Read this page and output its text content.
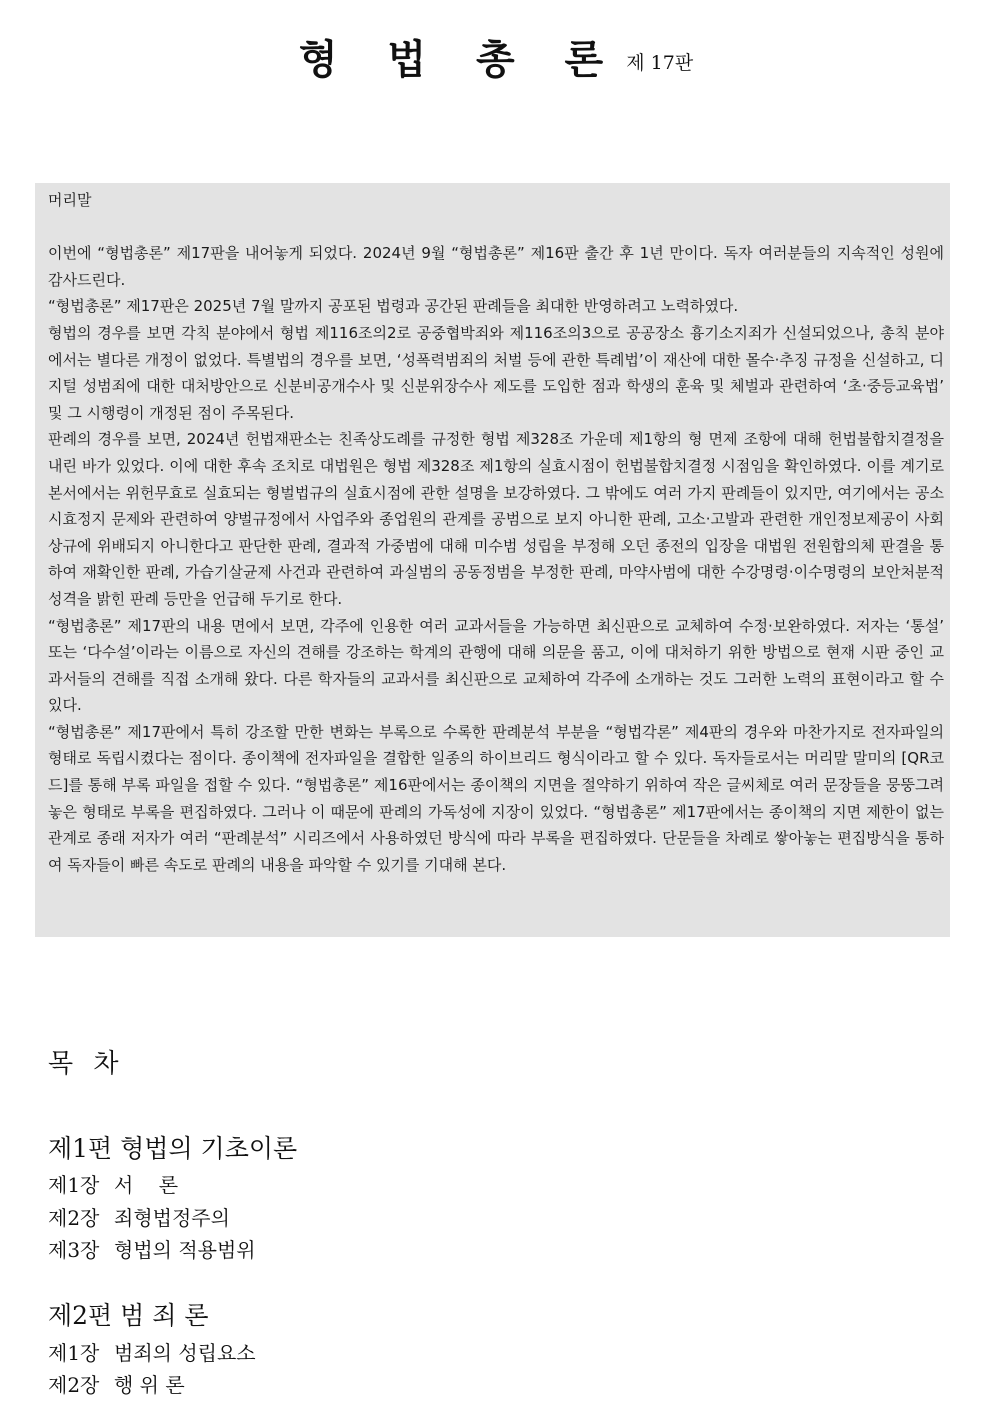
형 법 총 론 제 17판
머리말

이번에 “형법총론” 제17판을 내어놓게 되었다. 2024년 9월 “형법총론” 제16판 출간 후 1년 만이다. 독자 여러분들의 지속적인 성원에 감사드린다.

“형법총론” 제17판은 2025년 7월 말까지 공포된 법령과 공간된 판례들을 최대한 반영하려고 노력하였다.

형법의 경우를 보면 각칙 분야에서 형법 제116조의2로 공중협박죄와 제116조의3으로 공공장소 흉기소지죄가 신설되었으나, 총칙 분야에서는 별다른 개정이 없었다. 특별법의 경우를 보면, ‘성폭력범죄의 처벌 등에 관한 특례법’이 재산에 대한 몰수·추징 규정을 신설하고, 디지털 성범죄에 대한 대처방안으로 신분비공개수사 및 신분위장수사 제도를 도입한 점과 학생의 훈육 및 체벌과 관련하여 ‘초·중등교육법’ 및 그 시행령이 개정된 점이 주목된다.

판례의 경우를 보면, 2024년 헌법재판소는 친족상도례를 규정한 형법 제328조 가운데 제1항의 형 면제 조항에 대해 헌법불합치결정을 내린 바가 있었다. 이에 대한 후속 조치로 대법원은 형법 제328조 제1항의 실효시점이 헌법불합치결정 시점임을 확인하였다. 이를 계기로 본서에서는 위헌무효로 실효되는 형벌법규의 실효시점에 관한 설명을 보강하였다. 그 밖에도 여러 가지 판례들이 있지만, 여기에서는 공소시효정지 문제와 관련하여 양벌규정에서 사업주와 종업원의 관계를 공범으로 보지 아니한 판례, 고소·고발과 관련한 개인정보제공이 사회상규에 위배되지 아니한다고 판단한 판례, 결과적 가중범에 대해 미수범 성립을 부정해 오던 종전의 입장을 대법원 전원합의체 판결을 통하여 재확인한 판례, 가습기살균제 사건과 관련하여 과실범의 공동정범을 부정한 판례, 마약사범에 대한 수강명령·이수명령의 보안처분적 성격을 밝힌 판례 등만을 언급해 두기로 한다.

“형법총론” 제17판의 내용 면에서 보면, 각주에 인용한 여러 교과서들을 가능하면 최신판으로 교체하여 수정·보완하였다. 저자는 ‘통설’ 또는 ‘다수설’이라는 이름으로 자신의 견해를 강조하는 학계의 관행에 대해 의문을 품고, 이에 대처하기 위한 방법으로 현재 시판 중인 교과서들의 견해를 직접 소개해 왔다. 다른 학자들의 교과서를 최신판으로 교체하여 각주에 소개하는 것도 그러한 노력의 표현이라고 할 수 있다.

“형법총론” 제17판에서 특히 강조할 만한 변화는 부록으로 수록한 판례분석 부분을 “형법각론” 제4판의 경우와 마찬가지로 전자파일의 형태로 독립시켰다는 점이다. 종이책에 전자파일을 결합한 일종의 하이브리드 형식이라고 할 수 있다. 독자들로서는 머리말 말미의 [QR코드]를 통해 부록 파일을 접할 수 있다. “형법총론” 제16판에서는 종이책의 지면을 절약하기 위하여 작은 글씨체로 여러 문장들을 뭉뚱그려 놓은 형태로 부록을 편집하였다. 그러나 이 때문에 판례의 가독성에 지장이 있었다. “형법총론” 제17판에서는 종이책의 지면 제한이 없는 관계로 종래 저자가 여러 “판례분석” 시리즈에서 사용하였던 방식에 따라 부록을 편집하였다. 단문들을 차례로 쌓아놓는 편집방식을 통하여 독자들이 빠른 속도로 판례의 내용을 파악할 수 있기를 기대해 본다.

목 차
제1편 형법의 기초이론
제1장 서    론
제2장 죄형법정주의
제3장 형법의 적용범위
제2편 범 죄 론
제1장 범죄의 성립요소
제2장 행 위 론
